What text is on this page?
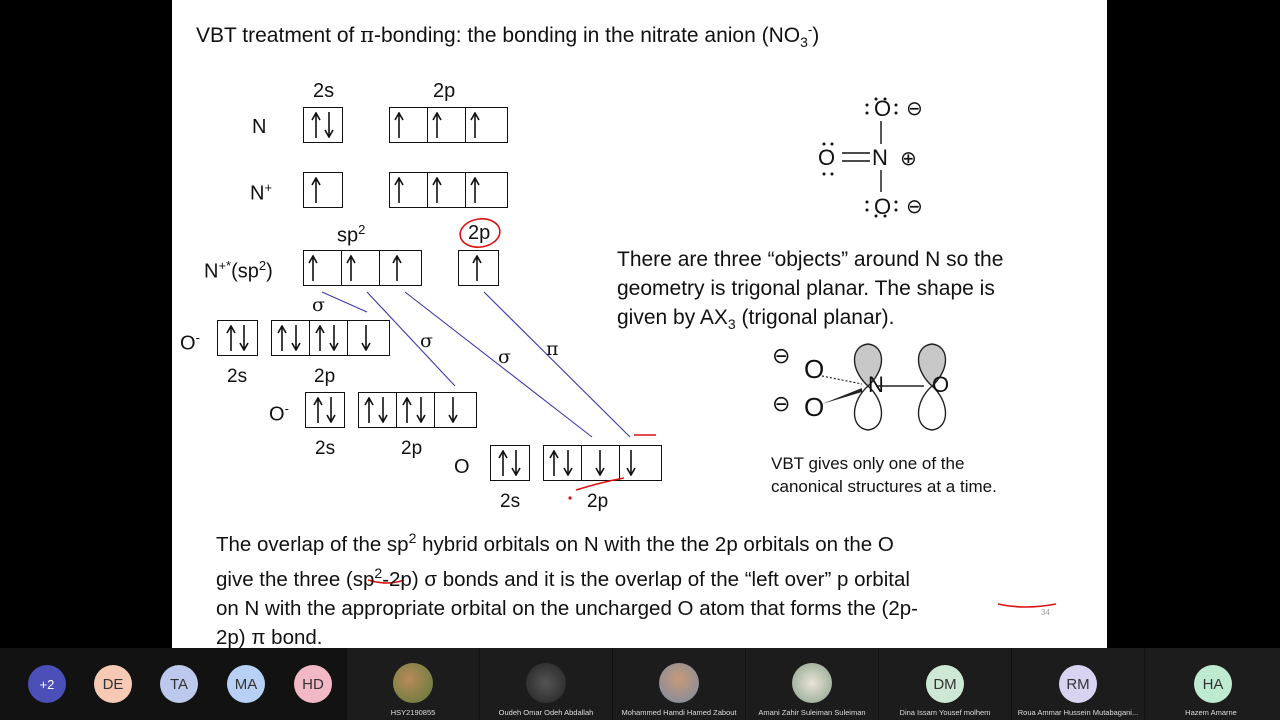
VBT treatment of π-bonding: the bonding in the nitrate anion $(NO_3^-)$
2s	2p
N
N+
$sp^2$	2p
$N^{+*}(sp^2)$
O-
2s	2p
O-
2s	2p
O
2s	2p
σ
σ
σ π
O
O N
O
⊖
⊕
⊖
There are three “objects” around N so the
geometry is trigonal planar. The shape is
given by $AX_3$ (trigonal planar).
O
O
N O
⊖
⊖
VBT gives only one of the
canonical structures at a time.
The overlap of the $sp^2$ hybrid orbitals on N with the the 2p orbitals on the O
give the three $(sp^2-2p)$ σ bonds and it is the overlap of the “left over” p orbital
on N with the appropriate orbital on the uncharged O atom that forms the (2p-
2p) π bond.
34
+2	DE	TA	MA	HD
HSY2190855	Oudeh Omar Odeh Abdallah	Mohammed Hamdi Hamed Zabout	Amani Zahir Suleiman Suleiman
DM
Dina Issam Yousef molhem
RM
Roua Ammar Hussein Mutabagani...
HA
Hazem Amarne
